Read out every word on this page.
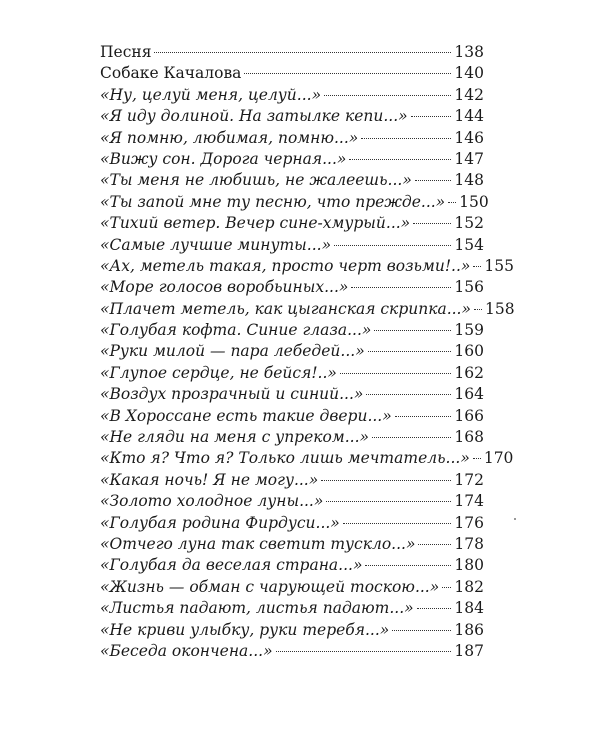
Песня	138
Собаке Качалова	140
«Ну, целуй меня, целуй...»	142
«Я иду долиной. На затылке кепи...»	144
«Я помню, любимая, помню...»	146
«Вижу сон. Дорога черная...»	147
«Ты меня не любишь, не жалеешь...»	148
«Ты запой мне ту песню, что прежде...» 150
«Тихий ветер. Вечер сине-хмурый...»	152
«Самые лучшие минуты...»	154
«Ах, метель такая, просто черт возьми!..» 155
«Море голосов воробьиных...»	156
«Плачет метель, как цыганская скрипка...» 158
«Голубая кофта. Синие глаза...»	159
«Руки милой — пара лебедей...»	160
«Глупое сердце, не бейся!..»	162
«Воздух прозрачный и синий...»	164
«В Хороссане есть такие двери...»	166
«Не гляди на меня с упреком...»	168
«Кто я? Что я? Только лишь мечтатель...» 170
«Какая ночь! Я не могу...»	172
«Золото холодное луны...»	174
«Голубая родина Фирдуси...»	176
«Отчего луна так светит тускло...»	178
«Голубая да веселая страна...»	180
«Жизнь — обман с чарующей тоскою...» 182
«Листья падают, листья падают...»	184
«Не криви улыбку, руки теребя...»	186
«Беседа окончена...»	187
